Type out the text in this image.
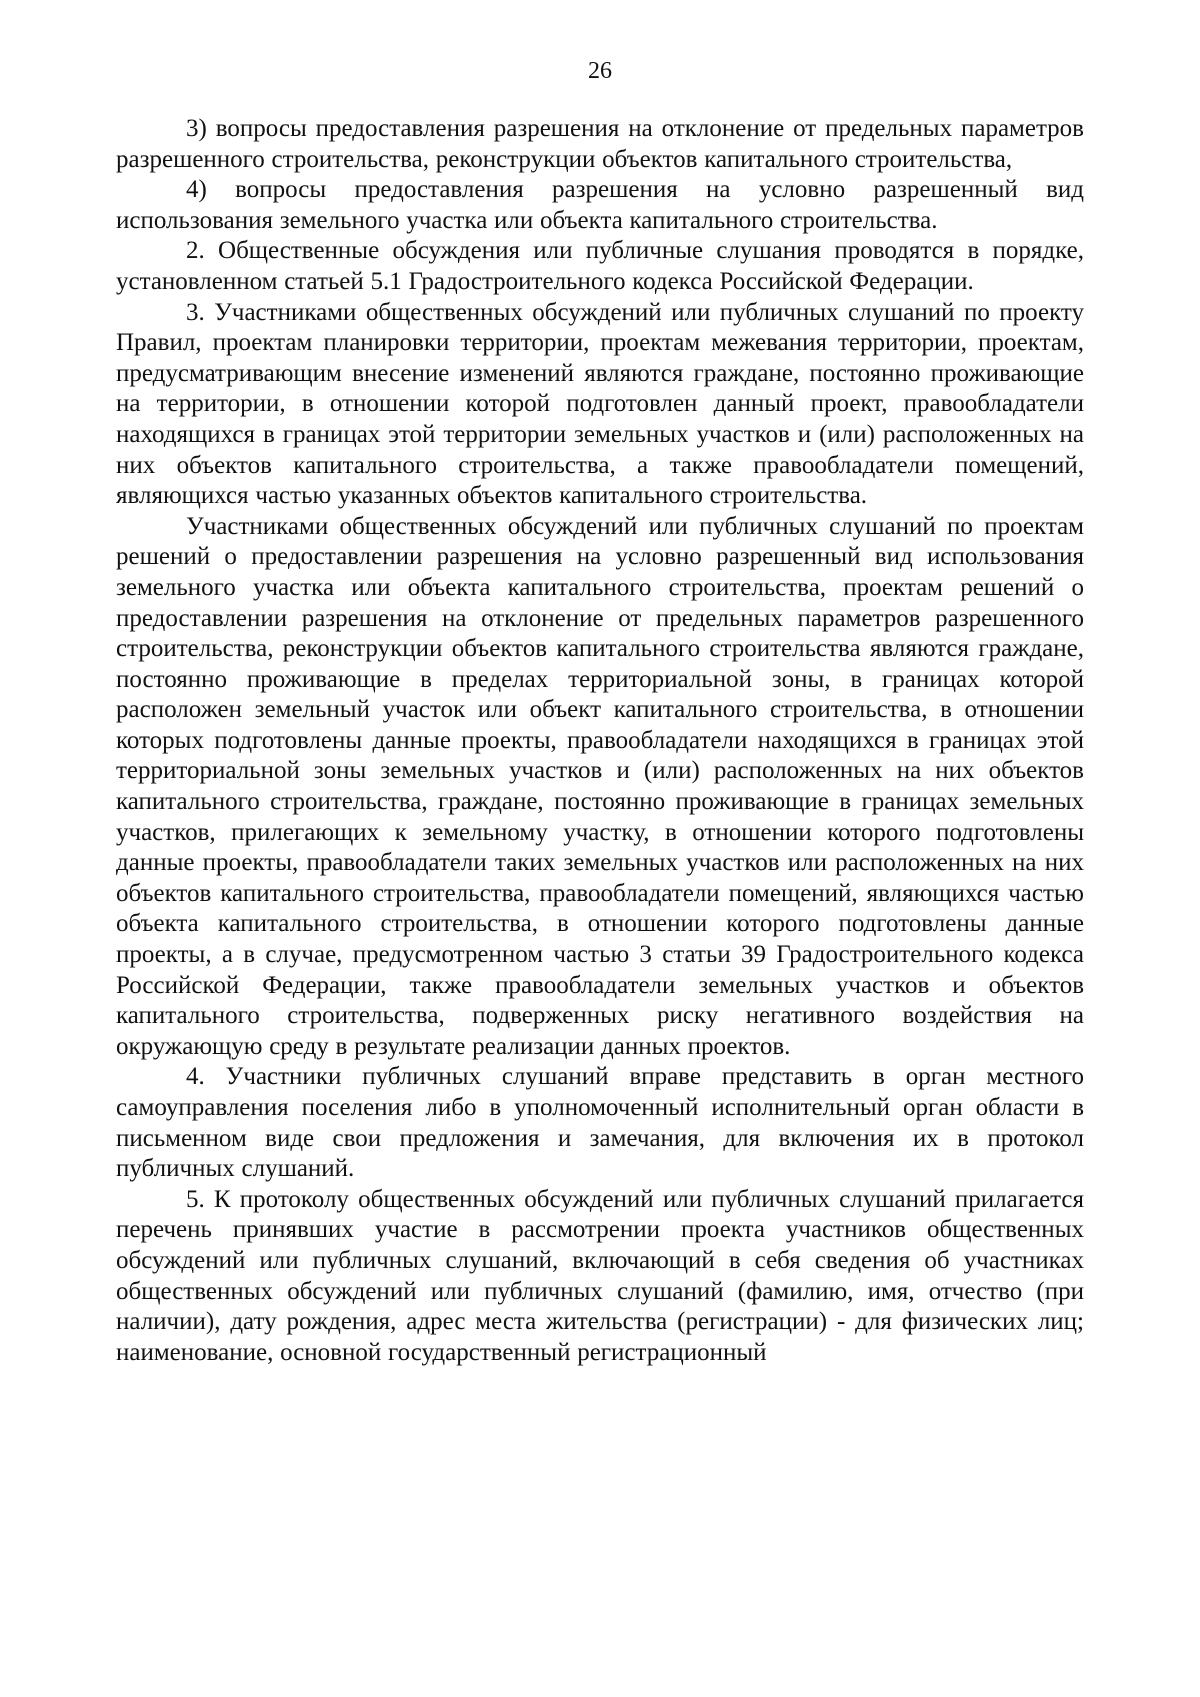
26

3) вопросы предоставления разрешения на отклонение от предельных параметров разрешенного строительства, реконструкции объектов капитального строительства,

4) вопросы предоставления разрешения на условно разрешенный вид использования земельного участка или объекта капитального строительства.

2. Общественные обсуждения или публичные слушания проводятся в порядке, установленном статьей 5.1 Градостроительного кодекса Российской Федерации.

3. Участниками общественных обсуждений или публичных слушаний по проекту Правил, проектам планировки территории, проектам межевания территории, проектам, предусматривающим внесение изменений являются граждане, постоянно проживающие на территории, в отношении которой подготовлен данный проект, правообладатели находящихся в границах этой территории земельных участков и (или) расположенных на них объектов капитального строительства, а также правообладатели помещений, являющихся частью указанных объектов капитального строительства.

Участниками общественных обсуждений или публичных слушаний по проектам решений о предоставлении разрешения на условно разрешенный вид использования земельного участка или объекта капитального строительства, проектам решений о предоставлении разрешения на отклонение от предельных параметров разрешенного строительства, реконструкции объектов капитального строительства являются граждане, постоянно проживающие в пределах территориальной зоны, в границах которой расположен земельный участок или объект капитального строительства, в отношении которых подготовлены данные проекты, правообладатели находящихся в границах этой территориальной зоны земельных участков и (или) расположенных на них объектов капитального строительства, граждане, постоянно проживающие в границах земельных участков, прилегающих к земельному участку, в отношении которого подготовлены данные проекты, правообладатели таких земельных участков или расположенных на них объектов капитального строительства, правообладатели помещений, являющихся частью объекта капитального строительства, в отношении которого подготовлены данные проекты, а в случае, предусмотренном частью 3 статьи 39 Градостроительного кодекса Российской Федерации, также правообладатели земельных участков и объектов капитального строительства, подверженных риску негативного воздействия на окружающую среду в результате реализации данных проектов.

4. Участники публичных слушаний вправе представить в орган местного самоуправления поселения либо в уполномоченный исполнительный орган области в письменном виде свои предложения и замечания, для включения их в протокол публичных слушаний.

5. К протоколу общественных обсуждений или публичных слушаний прилагается перечень принявших участие в рассмотрении проекта участников общественных обсуждений или публичных слушаний, включающий в себя сведения об участниках общественных обсуждений или публичных слушаний (фамилию, имя, отчество (при наличии), дату рождения, адрес места жительства (регистрации) - для физических лиц; наименование, основной государственный регистрационный
